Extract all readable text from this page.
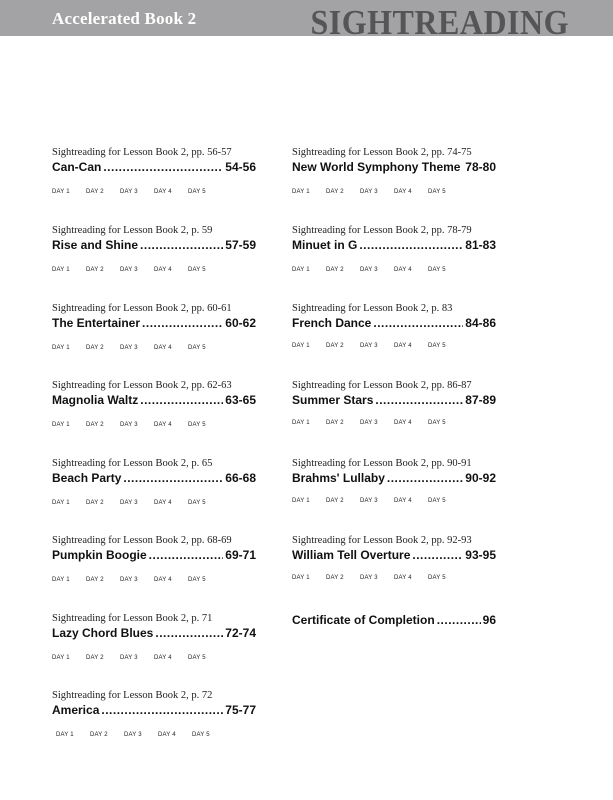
Accelerated Book 2	SIGHTREADING
Sightreading for Lesson Book 2, pp. 56-57
Can-Can .....	54-56
DAY 1	DAY 2	DAY 3	DAY 4	DAY 5
Sightreading for Lesson Book 2, p. 59
Rise and Shine .....	57-59
DAY 1	DAY 2	DAY 3	DAY 4	DAY 5
Sightreading for Lesson Book 2, pp. 60-61
The Entertainer .....	60-62
DAY 1	DAY 2	DAY 3	DAY 4	DAY 5
Sightreading for Lesson Book 2, pp. 62-63
Magnolia Waltz .....	63-65
DAY 1	DAY 2	DAY 3	DAY 4	DAY 5
Sightreading for Lesson Book 2, p. 65
Beach Party .....	66-68
DAY 1	DAY 2	DAY 3	DAY 4	DAY 5
Sightreading for Lesson Book 2, pp. 68-69
Pumpkin Boogie .....	69-71
DAY 1	DAY 2	DAY 3	DAY 4	DAY 5
Sightreading for Lesson Book 2, p. 71
Lazy Chord Blues .....	72-74
DAY 1	DAY 2	DAY 3	DAY 4	DAY 5
Sightreading for Lesson Book 2, p. 72
America .....	75-77
DAY 1	DAY 2	DAY 3	DAY 4	DAY 5
Sightreading for Lesson Book 2, pp. 74-75
New World Symphony Theme ..... 78-80
DAY 1	DAY 2	DAY 3	DAY 4	DAY 5
Sightreading for Lesson Book 2, pp. 78-79
Minuet in G .....	81-83
DAY 1	DAY 2	DAY 3	DAY 4	DAY 5
Sightreading for Lesson Book 2, p. 83
French Dance .....	84-86
DAY 1	DAY 2	DAY 3	DAY 4	DAY 5
Sightreading for Lesson Book 2, pp. 86-87
Summer Stars .....	87-89
DAY 1	DAY 2	DAY 3	DAY 4	DAY 5
Sightreading for Lesson Book 2, pp. 90-91
Brahms' Lullaby .....	90-92
DAY 1	DAY 2	DAY 3	DAY 4	DAY 5
Sightreading for Lesson Book 2, pp. 92-93
William Tell Overture .....	93-95
DAY 1	DAY 2	DAY 3	DAY 4	DAY 5
Certificate of Completion .....	96
